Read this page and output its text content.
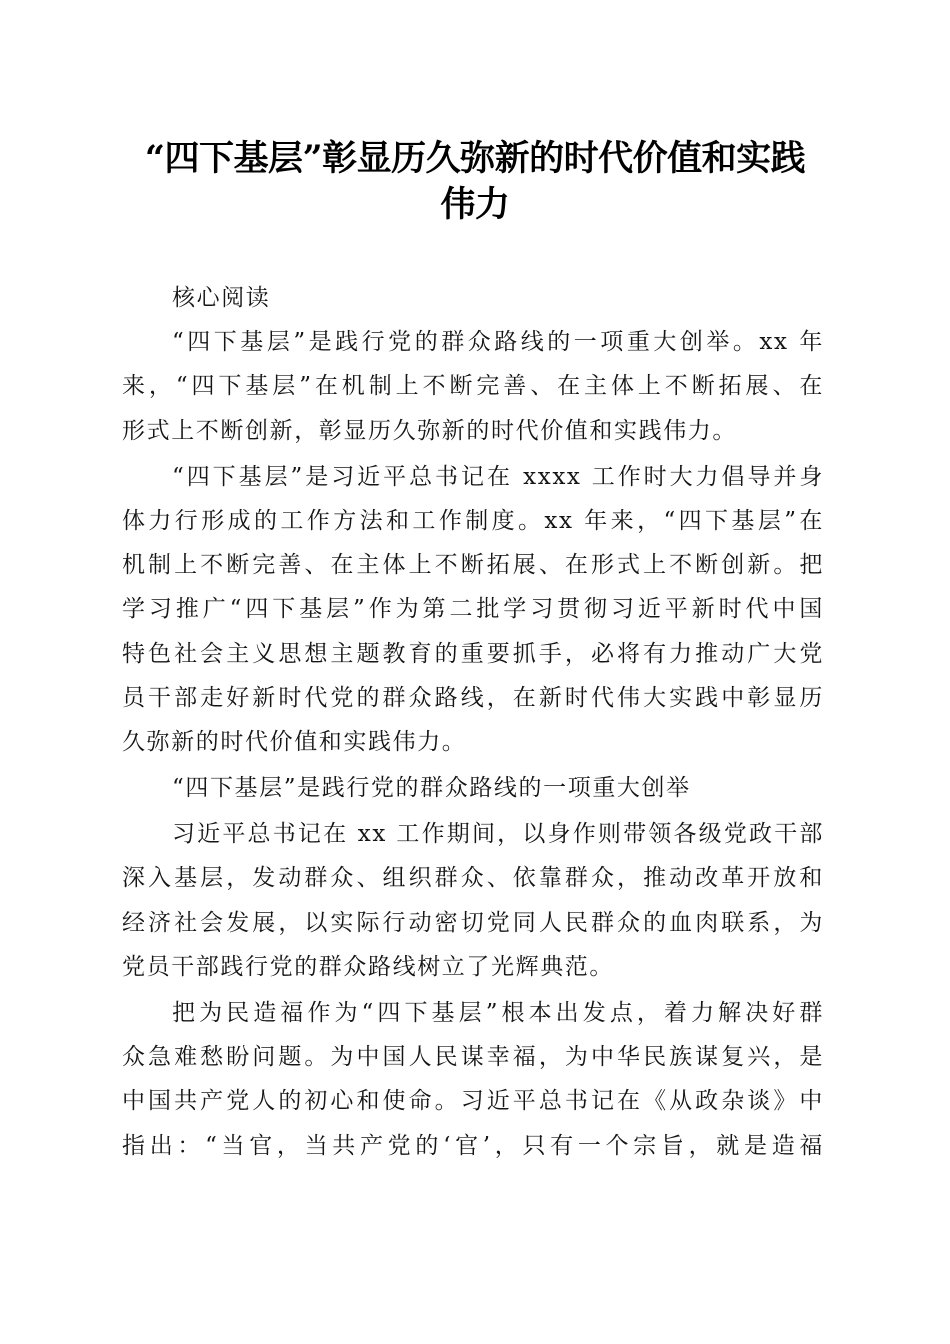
“四下基层”彰显历久弥新的时代价值和实践
伟力
核心阅读
“四下基层”是践行党的群众路线的一项重大创举。xx 年
来，“四下基层”在机制上不断完善、在主体上不断拓展、在
形式上不断创新，彰显历久弥新的时代价值和实践伟力。
“四下基层”是习近平总书记在 xxxx 工作时大力倡导并身
体力行形成的工作方法和工作制度。xx 年来，“四下基层”在
机制上不断完善、在主体上不断拓展、在形式上不断创新。把
学习推广“四下基层”作为第二批学习贯彻习近平新时代中国
特色社会主义思想主题教育的重要抓手，必将有力推动广大党
员干部走好新时代党的群众路线，在新时代伟大实践中彰显历
久弥新的时代价值和实践伟力。
“四下基层”是践行党的群众路线的一项重大创举
习近平总书记在 xx 工作期间，以身作则带领各级党政干部
深入基层，发动群众、组织群众、依靠群众，推动改革开放和
经济社会发展，以实际行动密切党同人民群众的血肉联系，为
党员干部践行党的群众路线树立了光辉典范。
把为民造福作为“四下基层”根本出发点，着力解决好群
众急难愁盼问题。为中国人民谋幸福，为中华民族谋复兴，是
中国共产党人的初心和使命。习近平总书记在《从政杂谈》中
指出：“当官，当共产党的‘官’，只有一个宗旨，就是造福
